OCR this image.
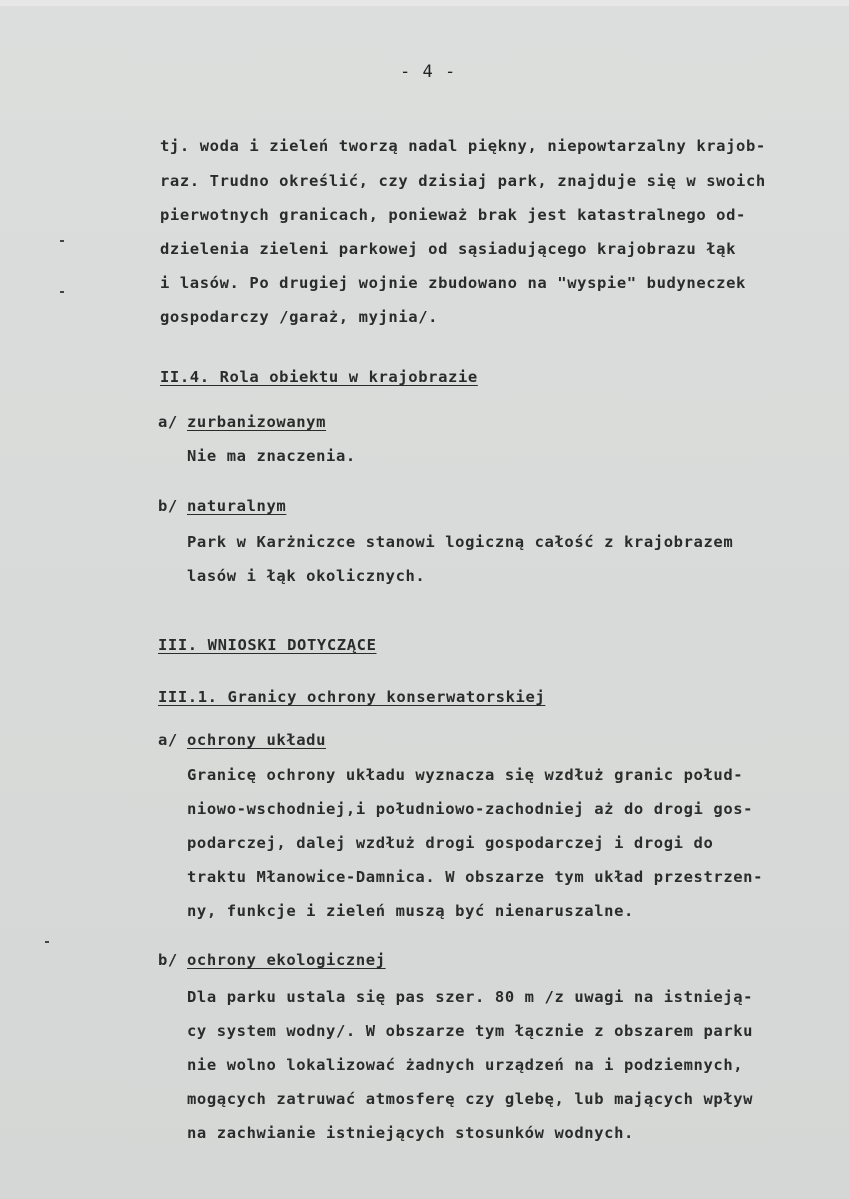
- 4 -
tj. woda i zieleń tworzą nadal piękny, niepowtarzalny krajob-
raz. Trudno określić, czy dzisiaj park, znajduje się w swoich
pierwotnych granicach, ponieważ brak jest katastralnego od-
dzielenia zieleni parkowej od sąsiadującego krajobrazu łąk
i lasów. Po drugiej wojnie zbudowano na "wyspie" budyneczek
gospodarczy /garaż, myjnia/.
II.4. Rola obiektu w krajobrazie
a/ zurbanizowanym
Nie ma znaczenia.
b/ naturalnym
Park w Karżniczce stanowi logiczną całość z krajobrazem
lasów i łąk okolicznych.
III. WNIOSKI DOTYCZĄCE
III.1. Granicy ochrony konserwatorskiej
a/ ochrony układu
Granicę ochrony układu wyznacza się wzdłuż granic połud-
niowo-wschodniej,i południowo-zachodniej aż do drogi gos-
podarczej, dalej wzdłuż drogi gospodarczej i drogi do
traktu Młanowice-Damnica. W obszarze tym układ przestrzen-
ny, funkcje i zieleń muszą być nienaruszalne.
b/ ochrony ekologicznej
Dla parku ustala się pas szer. 80 m /z uwagi na istnieją-
cy system wodny/. W obszarze tym łącznie z obszarem parku
nie wolno lokalizować żadnych urządzeń na i podziemnych,
mogących zatruwać atmosferę czy glebę, lub mających wpływ
na zachwianie istniejących stosunków wodnych.
